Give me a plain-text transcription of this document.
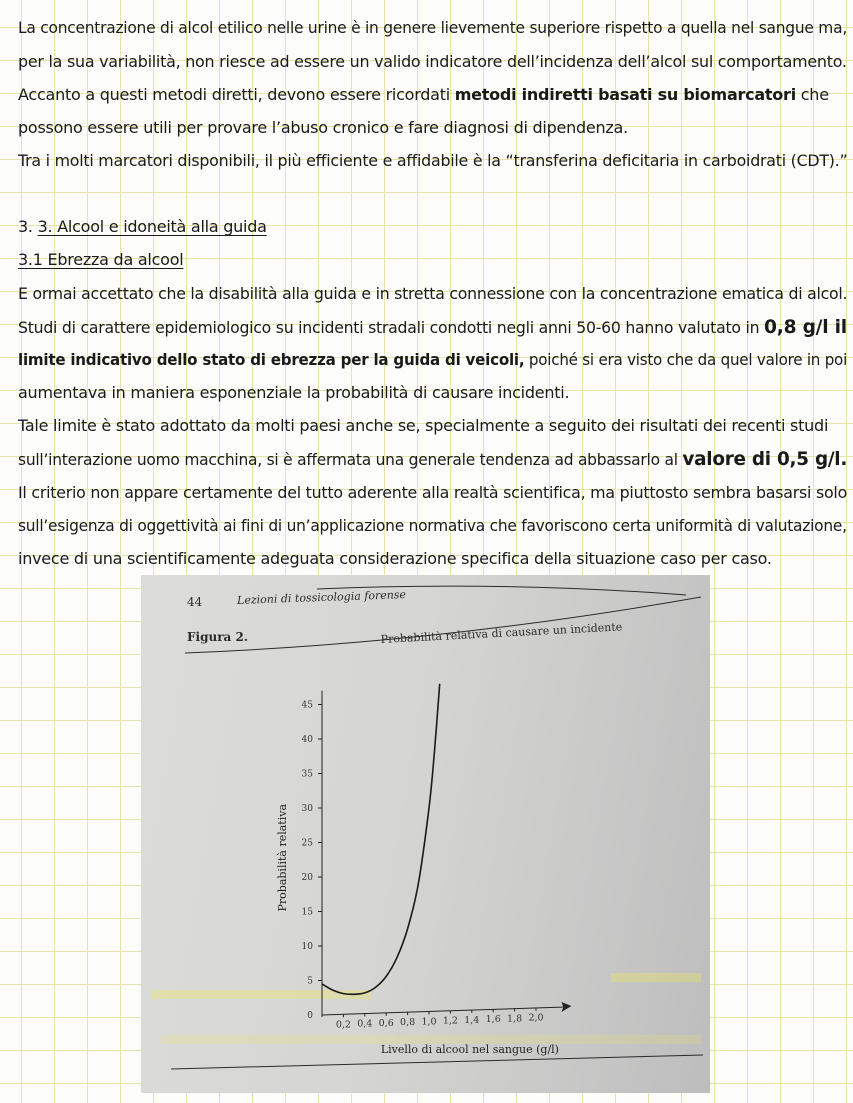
La concentrazione di alcol etilico nelle urine è in genere lievemente superiore rispetto a quella nel sangue ma,
per la sua variabilità, non riesce ad essere un valido indicatore dell’incidenza dell’alcol sul comportamento.
Accanto a questi metodi diretti, devono essere ricordati metodi indiretti basati su biomarcatori che
possono essere utili per provare l’abuso cronico e fare diagnosi di dipendenza.
Tra i molti marcatori disponibili, il più efficiente e affidabile è la “transferina deficitaria in carboidrati (CDT).”
3. 3. Alcool e idoneità alla guida
3.1 Ebrezza da alcool
E ormai accettato che la disabilità alla guida e in stretta connessione con la concentrazione ematica di alcol.
Studi di carattere epidemiologico su incidenti stradali condotti negli anni 50-60 hanno valutato in 0,8 g/l il
limite indicativo dello stato di ebrezza per la guida di veicoli, poiché si era visto che da quel valore in poi
aumentava in maniera esponenziale la probabilità di causare incidenti.
Tale limite è stato adottato da molti paesi anche se, specialmente a seguito dei risultati dei recenti studi
sull’interazione uomo macchina, si è affermata una generale tendenza ad abbassarlo al valore di 0,5 g/l.
Il criterio non appare certamente del tutto aderente alla realtà scientifica, ma piuttosto sembra basarsi solo
sull’esigenza di oggettività ai fini di un’applicazione normativa che favoriscono certa uniformità di valutazione,
invece di una scientificamente adeguata considerazione specifica della situazione caso per caso.
44	Lezioni di tossicologia forense
Figura 2.	Probabilità relativa di causare un incidente
0
5
10
15
20
25
30
35
40
45
0,2 0,4 0,6 0,8 1,0 1,2 1,4 1,6 1,8 2,0
Livello di alcool nel sangue (g/l)
Probabilità relativa
